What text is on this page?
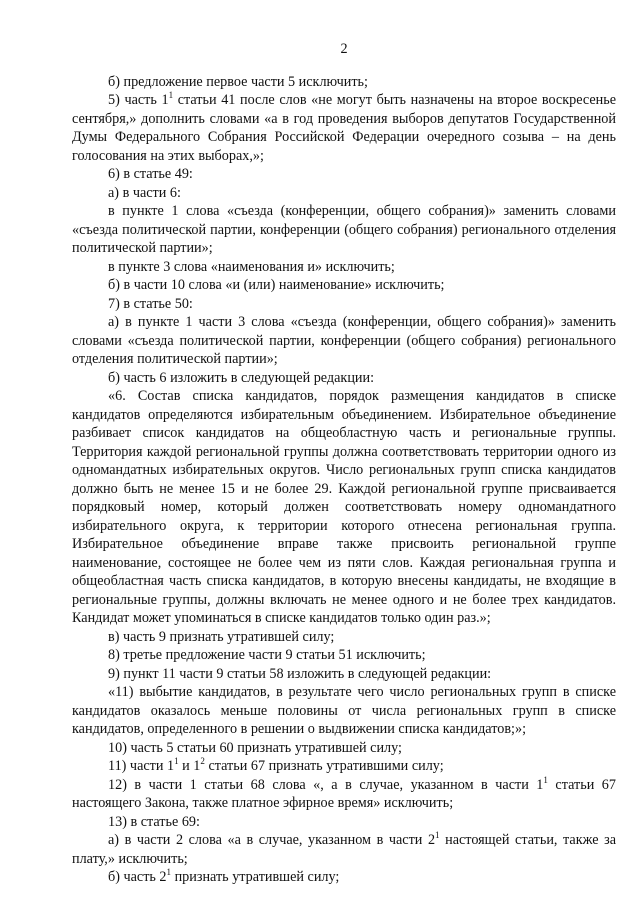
2

б) предложение первое части 5 исключить;

5) часть $1^1$ статьи 41 после слов «не могут быть назначены на второе воскресенье сентября,» дополнить словами «а в год проведения выборов депутатов Государственной Думы Федерального Собрания Российской Федерации очередного созыва – на день голосования на этих выборах,»;

6) в статье 49:

а) в части 6:

в пункте 1 слова «съезда (конференции, общего собрания)» заменить словами «съезда политической партии, конференции (общего собрания) регионального отделения политической партии»;

в пункте 3 слова «наименования и» исключить;

б) в части 10 слова «и (или) наименование» исключить;

7) в статье 50:

а) в пункте 1 части 3 слова «съезда (конференции, общего собрания)» заменить словами «съезда политической партии, конференции (общего собрания) регионального отделения политической партии»;

б) часть 6 изложить в следующей редакции:

«6. Состав списка кандидатов, порядок размещения кандидатов в списке кандидатов определяются избирательным объединением. Избирательное объединение разбивает список кандидатов на общеобластную часть и региональные группы. Территория каждой региональной группы должна соответствовать территории одного из одномандатных избирательных округов. Число региональных групп списка кандидатов должно быть не менее 15 и не более 29. Каждой региональной группе присваивается порядковый номер, который должен соответствовать номеру одномандатного избирательного округа, к территории которого отнесена региональная группа. Избирательное объединение вправе также присвоить региональной группе наименование, состоящее не более чем из пяти слов. Каждая региональная группа и общеобластная часть списка кандидатов, в которую внесены кандидаты, не входящие в региональные группы, должны включать не менее одного и не более трех кандидатов. Кандидат может упоминаться в списке кандидатов только один раз.»;

в) часть 9 признать утратившей силу;

8) третье предложение части 9 статьи 51 исключить;

9) пункт 11 части 9 статьи 58 изложить в следующей редакции:

«11) выбытие кандидатов, в результате чего число региональных групп в списке кандидатов оказалось меньше половины от числа региональных групп в списке кандидатов, определенного в решении о выдвижении списка кандидатов;»;

10) часть 5 статьи 60 признать утратившей силу;

11) части $1^1$ и $1^2$ статьи 67 признать утратившими силу;

12) в части 1 статьи 68 слова «, а в случае, указанном в части $1^1$ статьи 67 настоящего Закона, также платное эфирное время» исключить;

13) в статье 69:

а) в части 2 слова «а в случае, указанном в части $2^1$ настоящей статьи, также за плату,» исключить;

б) часть $2^1$ признать утратившей силу;
